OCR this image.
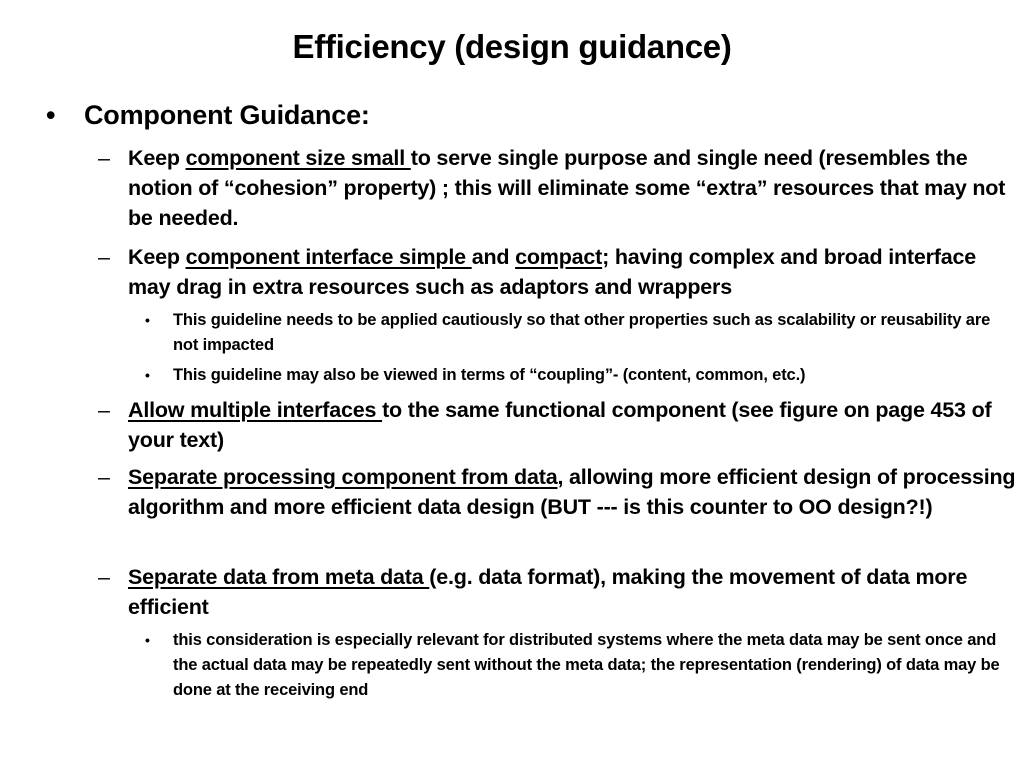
Efficiency (design guidance)
• Component Guidance:
– Keep component size small to serve single purpose and single need (resembles the notion of “cohesion” property) ; this will eliminate some “extra” resources that may not be needed.
– Keep component interface simple and compact; having complex and broad interface may drag in extra resources such as adaptors and wrappers
• This guideline needs to be applied cautiously so that other properties such as scalability or reusability are not impacted
• This guideline may also be viewed in terms of “coupling”- (content, common, etc.)
– Allow multiple interfaces to the same functional component (see figure on page 453 of your text)
– Separate processing component from data, allowing more efficient design of processing algorithm and more efficient data design (BUT --- is this counter to OO design?!)
– Separate data from meta data (e.g. data format), making the movement of data more efficient
• this consideration is especially relevant for distributed systems where the meta data may be sent once and the actual data may be repeatedly sent without the meta data; the representation (rendering) of data may be done at the receiving end
